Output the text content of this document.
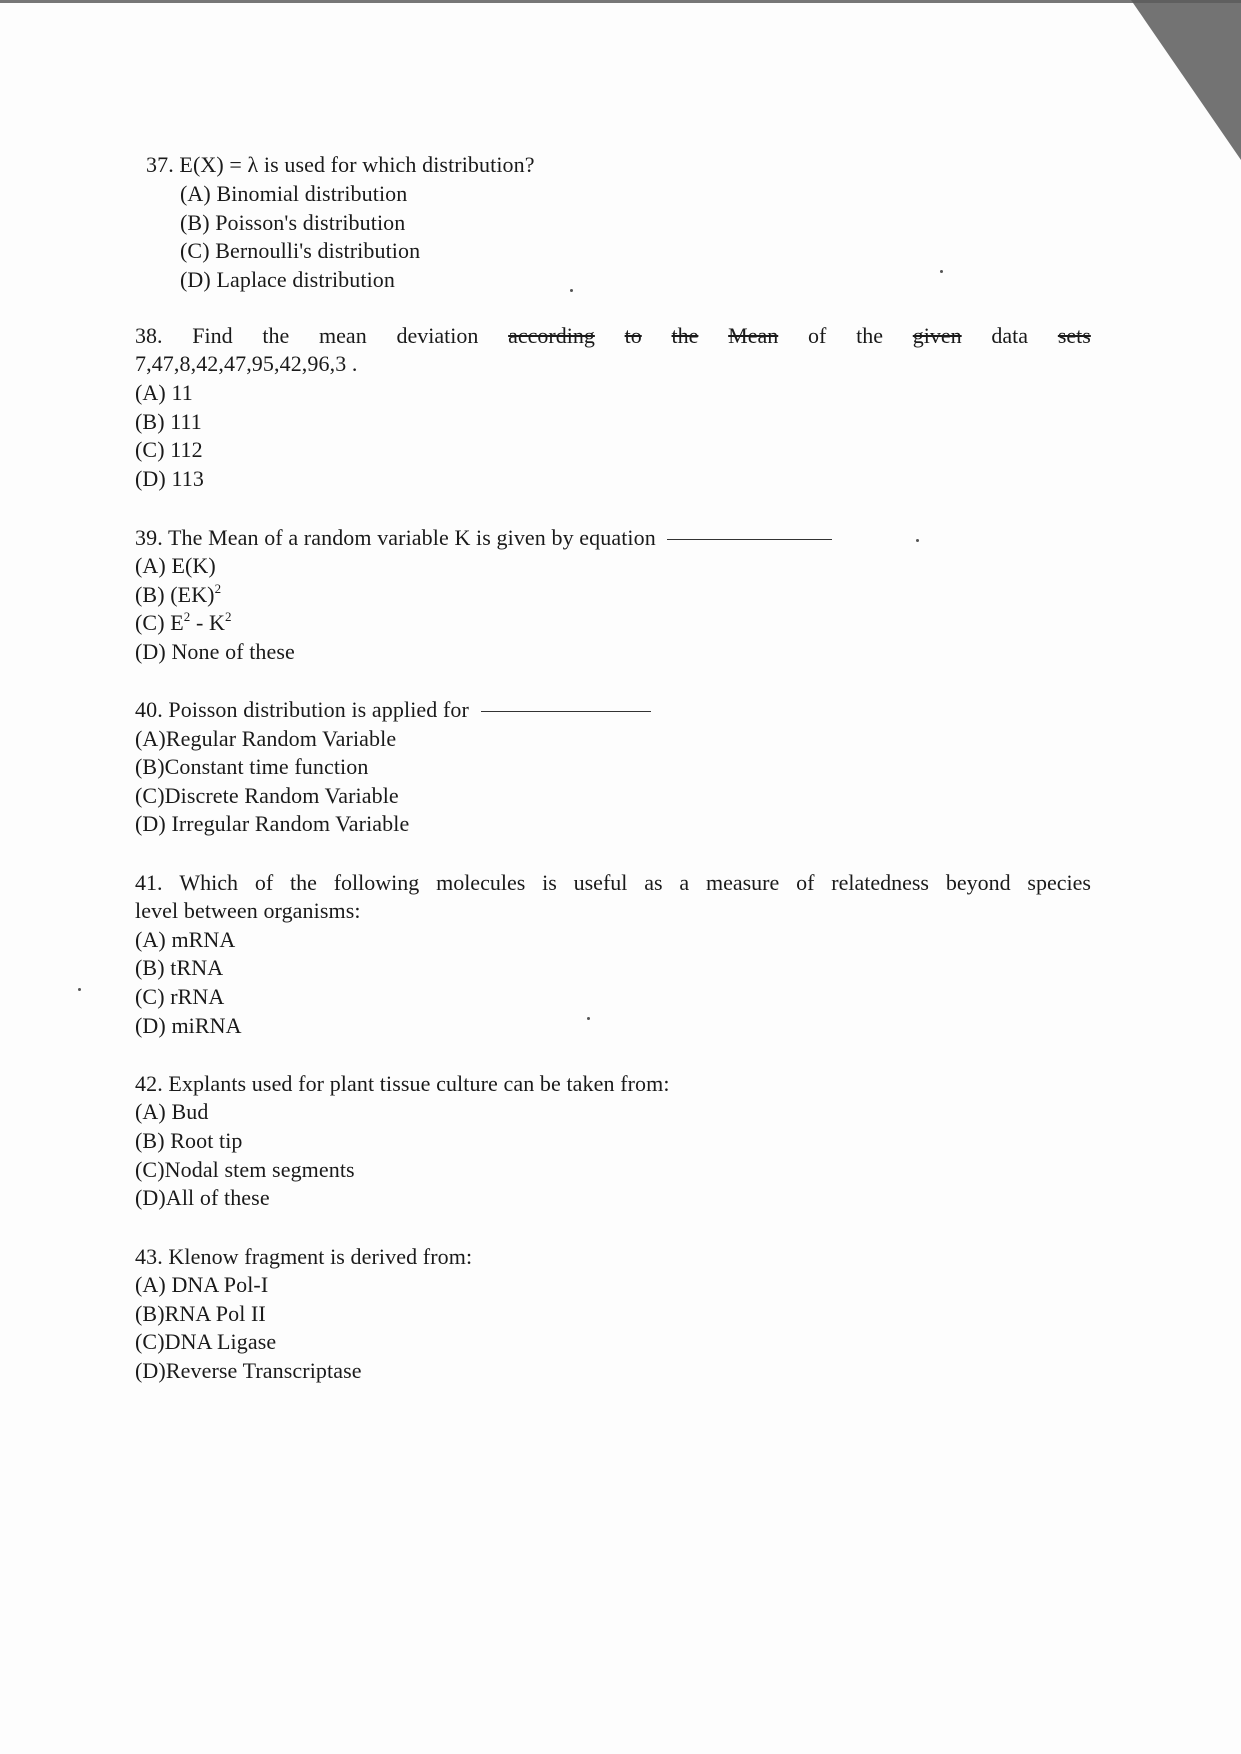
37. E(X) = λ is used for which distribution?
(A) Binomial distribution
(B) Poisson's distribution
(C) Bernoulli's distribution
(D) Laplace distribution
38. Find the mean deviation according to the Mean of the given data sets
7,47,8,42,47,95,42,96,3 .
(A) 11
(B) 111
(C) 112
(D) 113
39. The Mean of a random variable K is given by equation
(A) E(K)
(B) (EK)$^2$
(C) $E^2 - K^2$
(D) None of these
40. Poisson distribution is applied for
(A)Regular Random Variable
(B)Constant time function
(C)Discrete Random Variable
(D) Irregular Random Variable
41. Which of the following molecules is useful as a measure of relatedness beyond species
level between organisms:
(A) mRNA
(B) tRNA
(C) rRNA
(D) miRNA
42. Explants used for plant tissue culture can be taken from:
(A) Bud
(B) Root tip
(C)Nodal stem segments
(D)All of these
43. Klenow fragment is derived from:
(A) DNA Pol-I
(B)RNA Pol II
(C)DNA Ligase
(D)Reverse Transcriptase
